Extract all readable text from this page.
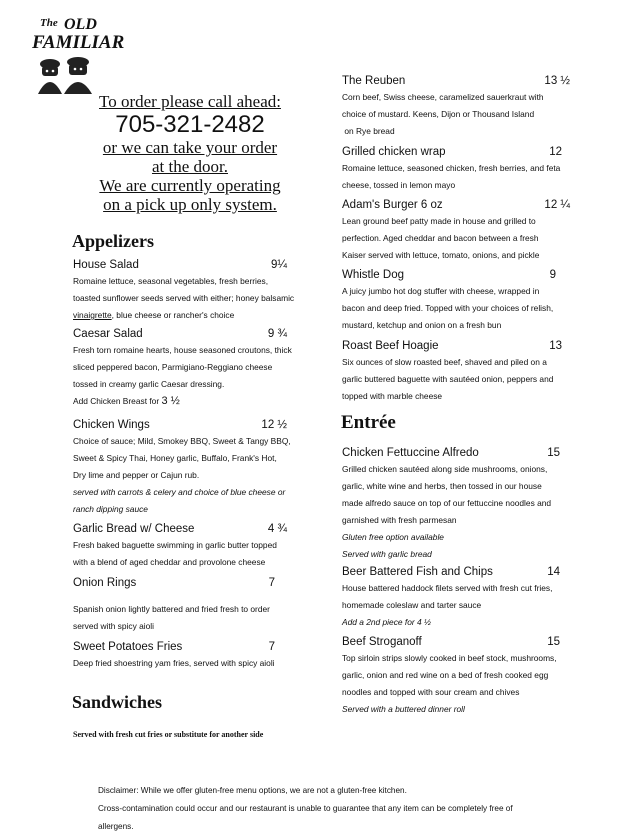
The OLD
FAMILIAR
To order please call ahead:
705-321-2482
or we can take your order
at the door.
We are currently operating
on a pick up only system.
Appelizers
House Salad	9¼
Romaine lettuce, seasonal vegetables, fresh berries,
toasted sunflower seeds served with either; honey balsamic
vinaigrette, blue cheese or rancher's choice
Caesar Salad	9 ¾
Fresh torn romaine hearts, house seasoned croutons, thick
sliced peppered bacon, Parmigiano-Reggiano cheese
tossed in creamy garlic Caesar dressing.
Add Chicken Breast for 3 ½
Chicken Wings	12 ½
Choice of sauce; Mild, Smokey BBQ, Sweet & Tangy BBQ,
Sweet & Spicy Thai, Honey garlic, Buffalo, Frank's Hot,
Dry lime and pepper or Cajun rub.
served with carrots & celery and choice of blue cheese or
ranch dipping sauce
Garlic Bread w/ Cheese	4 ¾
Fresh baked baguette swimming in garlic butter topped
with a blend of aged cheddar and provolone cheese
Onion Rings	7
Spanish onion lightly battered and fried fresh to order
served with spicy aioli
Sweet Potatoes Fries	7
Deep fried shoestring yam fries, served with spicy aioli
Sandwiches
Served with fresh cut fries or substitute for another side
The Reuben	13 ½
Corn beef, Swiss cheese, caramelized sauerkraut with
choice of mustard. Keens, Dijon or Thousand Island
on Rye bread
Grilled chicken wrap	12
Romaine lettuce, seasoned chicken, fresh berries, and feta
cheese, tossed in lemon mayo
Adam's Burger 6 oz	12 ¼
Lean ground beef patty made in house and grilled to
perfection. Aged cheddar and bacon between a fresh
Kaiser served with lettuce, tomato, onions, and pickle
Whistle Dog	9
A juicy jumbo hot dog stuffer with cheese, wrapped in
bacon and deep fried. Topped with your choices of relish,
mustard, ketchup and onion on a fresh bun
Roast Beef Hoagie	13
Six ounces of slow roasted beef, shaved and piled on a
garlic buttered baguette with sautéed onion, peppers and
topped with marble cheese
Entrée
Chicken Fettuccine Alfredo	15
Grilled chicken sautéed along side mushrooms, onions,
garlic, white wine and herbs, then tossed in our house
made alfredo sauce on top of our fettuccine noodles and
garnished with fresh parmesan
Gluten free option available
Served with garlic bread
Beer Battered Fish and Chips	14
House battered haddock filets served with fresh cut fries,
homemade coleslaw and tarter sauce
Add a 2nd piece for 4 ½
Beef Stroganoff	15
Top sirloin strips slowly cooked in beef stock, mushrooms,
garlic, onion and red wine on a bed of fresh cooked egg
noodles and topped with sour cream and chives
Served with a buttered dinner roll
Disclaimer: While we offer gluten-free menu options, we are not a gluten-free kitchen.
Cross-contamination could occur and our restaurant is unable to guarantee that any item can be completely free of
allergens.
